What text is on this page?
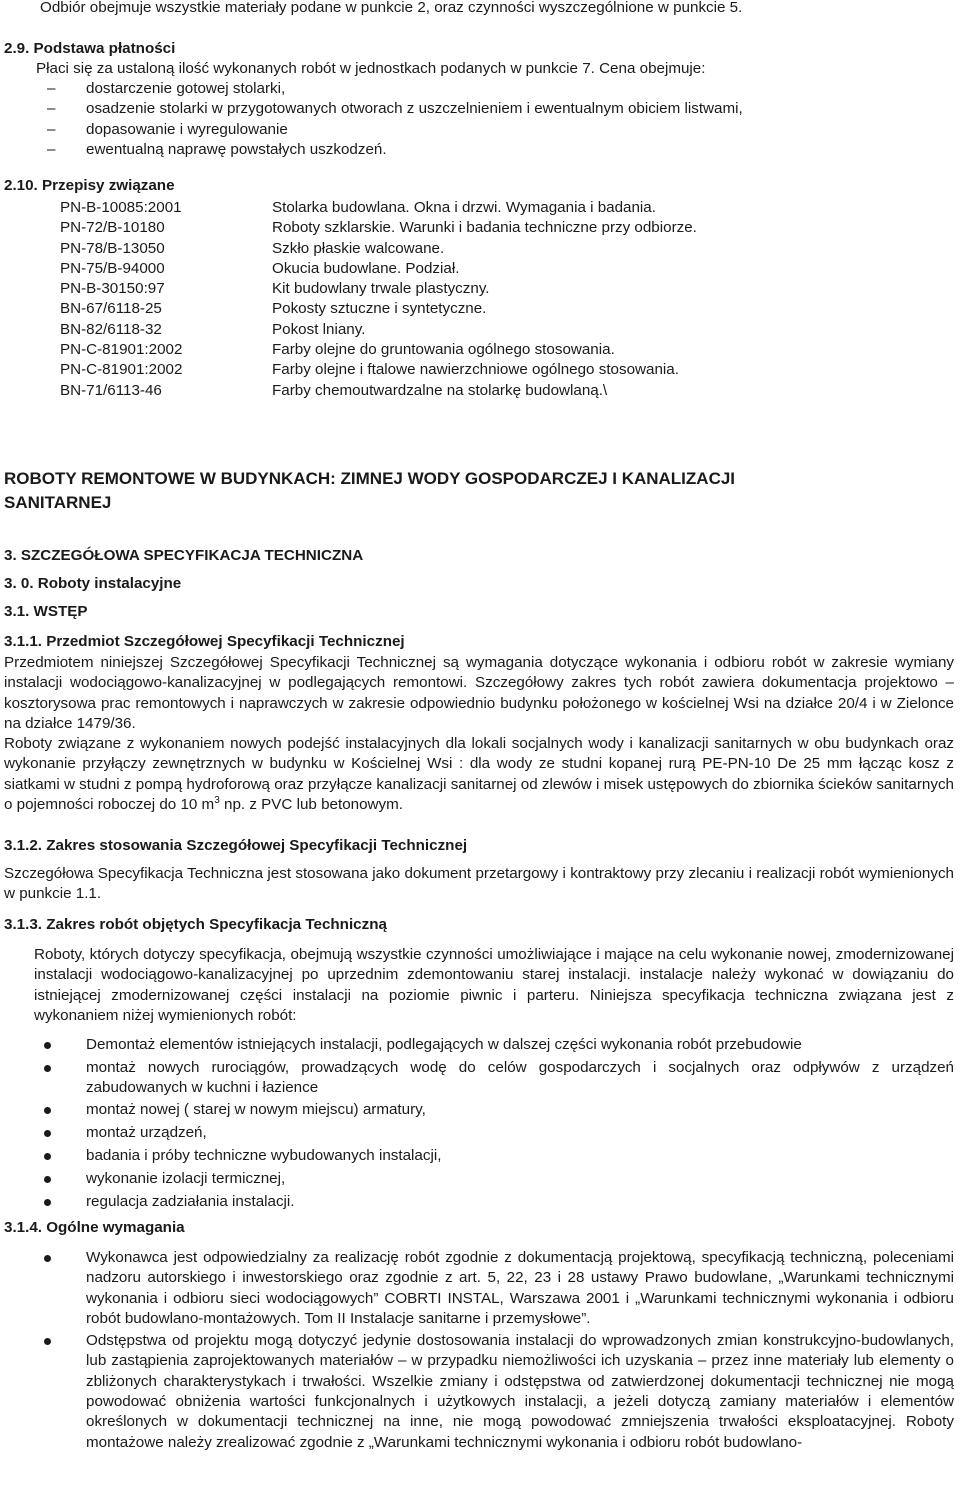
Odbiór obejmuje wszystkie materiały podane w punkcie 2, oraz czynności wyszczególnione w punkcie 5.
2.9. Podstawa płatności
Płaci się za ustaloną ilość wykonanych robót w jednostkach podanych w punkcie 7. Cena obejmuje:
– dostarczenie gotowej stolarki,
– osadzenie stolarki w przygotowanych otworach z uszczelnieniem i ewentualnym obiciem listwami,
– dopasowanie i wyregulowanie
– ewentualną naprawę powstałych uszkodzeń.
2.10. Przepisy związane
PN-B-10085:2001	Stolarka budowlana. Okna i drzwi. Wymagania i badania.
PN-72/B-10180	Roboty szklarskie. Warunki i badania techniczne przy odbiorze.
PN-78/B-13050	Szkło płaskie walcowane.
PN-75/B-94000	Okucia budowlane. Podział.
PN-B-30150:97	Kit budowlany trwale plastyczny.
BN-67/6118-25	Pokosty sztuczne i syntetyczne.
BN-82/6118-32	Pokost lniany.
PN-C-81901:2002	Farby olejne do gruntowania ogólnego stosowania.
PN-C-81901:2002	Farby olejne i ftalowe nawierzchniowe ogólnego stosowania.
BN-71/6113-46	Farby chemoutwardzalne na stolarkę budowlaną.\
ROBOTY REMONTOWE W BUDYNKACH: ZIMNEJ WODY GOSPODARCZEJ I KANALIZACJI
SANITARNEJ
3. SZCZEGÓŁOWA SPECYFIKACJA TECHNICZNA
3. 0. Roboty instalacyjne
3.1. WSTĘP
3.1.1. Przedmiot Szczegółowej Specyfikacji Technicznej
Przedmiotem niniejszej Szczegółowej Specyfikacji Technicznej są wymagania dotyczące wykonania i odbioru robót w zakresie wymiany instalacji wodociągowo-kanalizacyjnej w podlegających remontowi. Szczegółowy zakres tych robót zawiera dokumentacja projektowo – kosztorysowa prac remontowych i naprawczych w zakresie odpowiednio budynku położonego w kościelnej Wsi na działce 20/4 i w Zielonce na działce 1479/36.
Roboty związane z wykonaniem nowych podejść instalacyjnych dla lokali socjalnych wody i kanalizacji sanitarnych w obu budynkach oraz wykonanie przyłączy zewnętrznych w budynku w Kościelnej Wsi : dla wody ze studni kopanej rurą PE-PN-10 De 25 mm łącząc kosz z siatkami w studni z pompą hydroforową oraz przyłącze kanalizacji sanitarnej od zlewów i misek ustępowych do zbiornika ścieków sanitarnych o pojemności roboczej do 10 $m^3$ np. z PVC lub betonowym.
3.1.2. Zakres stosowania Szczegółowej Specyfikacji Technicznej
Szczegółowa Specyfikacja Techniczna jest stosowana jako dokument przetargowy i kontraktowy przy zlecaniu i realizacji robót wymienionych w punkcie 1.1.
3.1.3. Zakres robót objętych Specyfikacja Techniczną
Roboty, których dotyczy specyfikacja, obejmują wszystkie czynności umożliwiające i mające na celu wykonanie nowej, zmodernizowanej instalacji wodociągowo-kanalizacyjnej po uprzednim zdemontowaniu starej instalacji. instalacje należy wykonać w dowiązaniu do istniejącej zmodernizowanej części instalacji na poziomie piwnic i parteru. Niniejsza specyfikacja techniczna związana jest z wykonaniem niżej wymienionych robót:
Demontaż elementów istniejących instalacji, podlegających w dalszej części wykonania robót przebudowie
montaż nowych rurociągów, prowadzących wodę do celów gospodarczych i socjalnych oraz odpływów z urządzeń zabudowanych w kuchni i łazience
montaż nowej ( starej w nowym miejscu) armatury,
montaż urządzeń,
badania i próby techniczne wybudowanych instalacji,
wykonanie izolacji termicznej,
regulacja zadziałania instalacji.
3.1.4. Ogólne wymagania
Wykonawca jest odpowiedzialny za realizację robót zgodnie z dokumentacją projektową, specyfikacją techniczną, poleceniami nadzoru autorskiego i inwestorskiego oraz zgodnie z art. 5, 22, 23 i 28 ustawy Prawo budowlane, „Warunkami technicznymi wykonania i odbioru sieci wodociągowych” COBRTI INSTAL, Warszawa 2001 i „Warunkami technicznymi wykonania i odbioru robót budowlano-montażowych. Tom II Instalacje sanitarne i przemysłowe”.
Odstępstwa od projektu mogą dotyczyć jedynie dostosowania instalacji do wprowadzonych zmian konstrukcyjno-budowlanych, lub zastąpienia zaprojektowanych materiałów – w przypadku niemożliwości ich uzyskania – przez inne materiały lub elementy o zbliżonych charakterystykach i trwałości. Wszelkie zmiany i odstępstwa od zatwierdzonej dokumentacji technicznej nie mogą powodować obniżenia wartości funkcjonalnych i użytkowych instalacji, a jeżeli dotyczą zamiany materiałów i elementów określonych w dokumentacji technicznej na inne, nie mogą powodować zmniejszenia trwałości eksploatacyjnej. Roboty montażowe należy zrealizować zgodnie z „Warunkami technicznymi wykonania i odbioru robót budowlano-
